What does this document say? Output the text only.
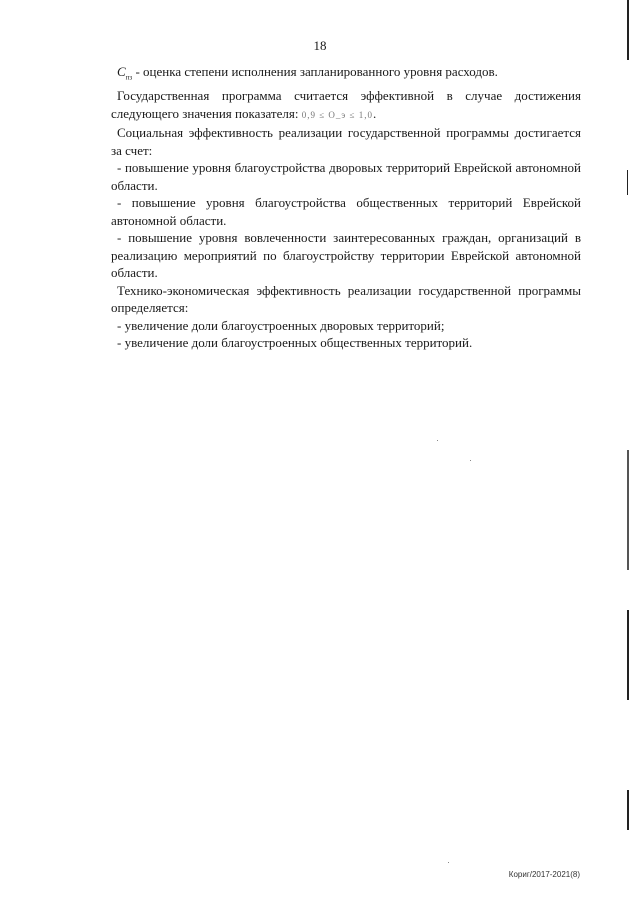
18

$C_{пз}$ - оценка степени исполнения запланированного уровня расходов.

Государственная программа считается эффективной в случае достижения следующего значения показателя: 0,9 ≤ О_э ≤ 1,0.

Социальная эффективность реализации государственной программы достигается за счет:

- повышение уровня благоустройства дворовых территорий Еврейской автономной области.

- повышение уровня благоустройства общественных территорий Еврейской автономной области.

- повышение уровня вовлеченности заинтересованных граждан, организаций в реализацию мероприятий по благоустройству территории Еврейской автономной области.

Технико-экономическая эффективность реализации государственной программы определяется:

- увеличение доли благоустроенных дворовых территорий;

- увеличение доли благоустроенных общественных территорий.

Кориг/2017-2021(8)
